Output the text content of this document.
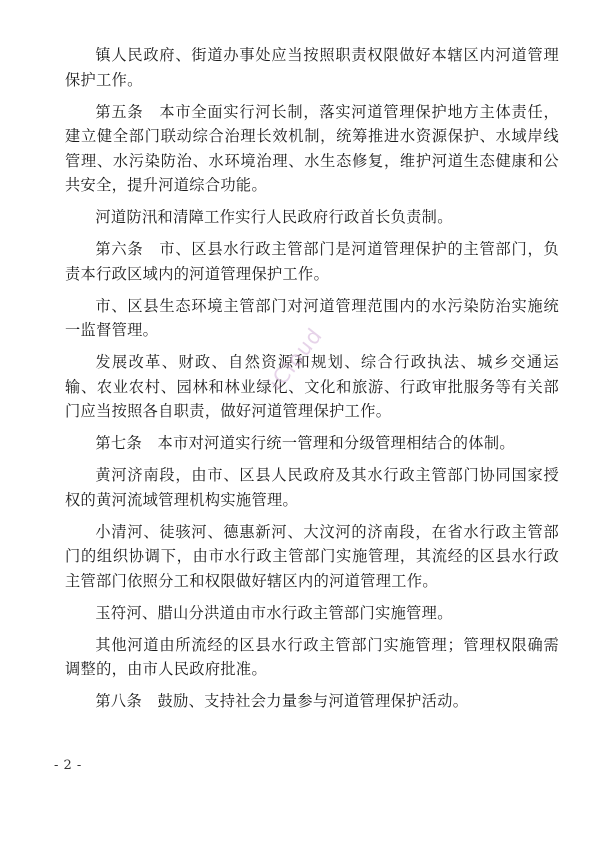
镇人民政府、街道办事处应当按照职责权限做好本辖区内河道管理保护工作。

第五条　本市全面实行河长制，落实河道管理保护地方主体责任，建立健全部门联动综合治理长效机制，统筹推进水资源保护、水域岸线管理、水污染防治、水环境治理、水生态修复，维护河道生态健康和公共安全，提升河道综合功能。

河道防汛和清障工作实行人民政府行政首长负责制。

第六条　市、区县水行政主管部门是河道管理保护的主管部门，负责本行政区域内的河道管理保护工作。

市、区县生态环境主管部门对河道管理范围内的水污染防治实施统一监督管理。

发展改革、财政、自然资源和规划、综合行政执法、城乡交通运输、农业农村、园林和林业绿化、文化和旅游、行政审批服务等有关部门应当按照各自职责，做好河道管理保护工作。

第七条　本市对河道实行统一管理和分级管理相结合的体制。

黄河济南段，由市、区县人民政府及其水行政主管部门协同国家授权的黄河流域管理机构实施管理。

小清河、徒骇河、德惠新河、大汶河的济南段，在省水行政主管部门的组织协调下，由市水行政主管部门实施管理，其流经的区县水行政主管部门依照分工和权限做好辖区内的河道管理工作。

玉符河、腊山分洪道由市水行政主管部门实施管理。

其他河道由所流经的区县水行政主管部门实施管理；管理权限确需调整的，由市人民政府批准。

第八条　鼓励、支持社会力量参与河道管理保护活动。

iCloud
- 2 -
